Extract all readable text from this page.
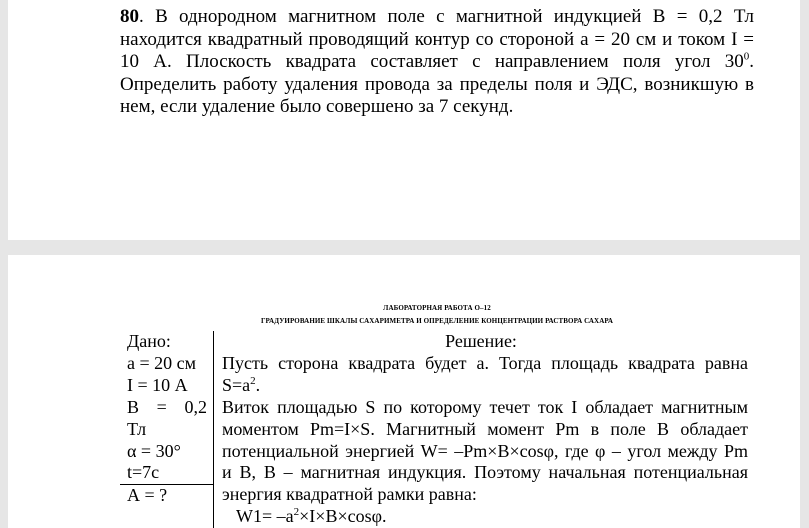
80. В однородном магнитном поле с магнитной индукцией В = 0,2 Тл
находится квадратный проводящий контур со стороной а = 20 см и током I =
10 А. Плоскость квадрата составляет с направлением поля угол $30^0$.
Определить работу удаления провода за пределы поля и ЭДС, возникшую в
нем, если удаление было совершено за 7 секунд.
ЛАБОРАТОРНАЯ РАБОТА О–12
ГРАДУИРОВАНИЕ ШКАЛЫ САХАРИМЕТРА И ОПРЕДЕЛЕНИЕ КОНЦЕНТРАЦИИ РАСТВОРА САХАРА
Дано:
а = 20 см
I = 10 А
В = 0,2
Тл
α = 30°
t=7с
А = ?
Решение:
Пусть сторона квадрата будет а. Тогда площадь квадрата равна
$S=a^2$.
Виток площадью S по которому течет ток I обладает магнитным
моментом Pm=I×S. Магнитный момент Pm в поле В обладает
потенциальной энергией W= –Pm×B×cosφ, где φ – угол между Pm
и B, B – магнитная индукция. Поэтому начальная потенциальная
энергия квадратной рамки равна:
$W1= -a^2\times I\times B\times\cos\varphi$.
